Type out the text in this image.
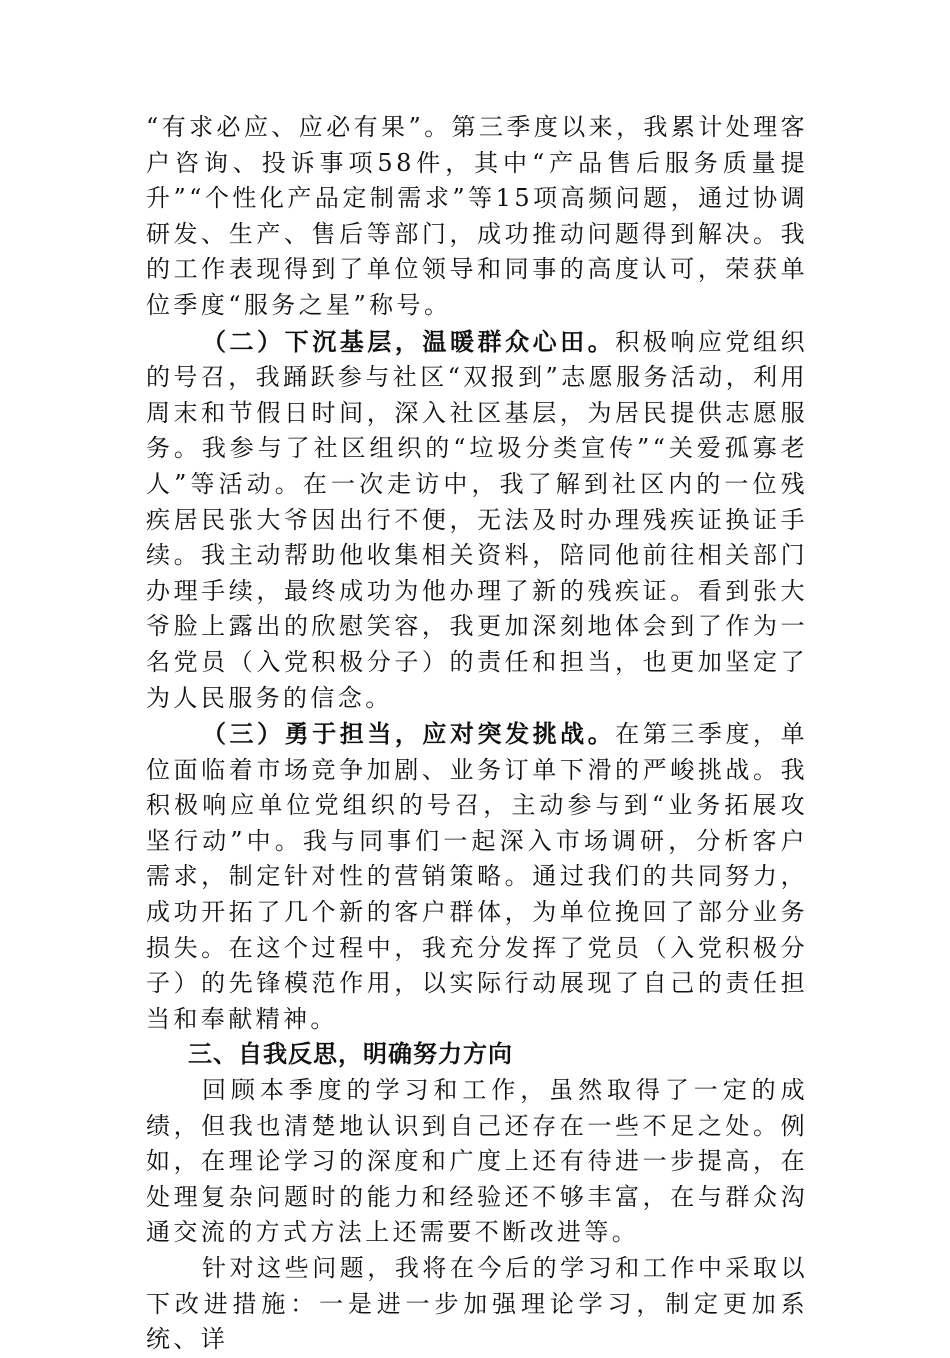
“有求必应、应必有果”。第三季度以来，我累计处理客户咨询、投诉事项58件，其中“产品售后服务质量提升”“个性化产品定制需求”等15项高频问题，通过协调研发、生产、售后等部门，成功推动问题得到解决。我的工作表现得到了单位领导和同事的高度认可，荣获单位季度“服务之星”称号。

（二）下沉基层，温暖群众心田。积极响应党组织的号召，我踊跃参与社区“双报到”志愿服务活动，利用周末和节假日时间，深入社区基层，为居民提供志愿服务。我参与了社区组织的“垃圾分类宣传”“关爱孤寡老人”等活动。在一次走访中，我了解到社区内的一位残疾居民张大爷因出行不便，无法及时办理残疾证换证手续。我主动帮助他收集相关资料，陪同他前往相关部门办理手续，最终成功为他办理了新的残疾证。看到张大爷脸上露出的欣慰笑容，我更加深刻地体会到了作为一名党员（入党积极分子）的责任和担当，也更加坚定了为人民服务的信念。

（三）勇于担当，应对突发挑战。在第三季度，单位面临着市场竞争加剧、业务订单下滑的严峻挑战。我积极响应单位党组织的号召，主动参与到“业务拓展攻坚行动”中。我与同事们一起深入市场调研，分析客户需求，制定针对性的营销策略。通过我们的共同努力，成功开拓了几个新的客户群体，为单位挽回了部分业务损失。在这个过程中，我充分发挥了党员（入党积极分子）的先锋模范作用，以实际行动展现了自己的责任担当和奉献精神。

三、自我反思，明确努力方向

回顾本季度的学习和工作，虽然取得了一定的成绩，但我也清楚地认识到自己还存在一些不足之处。例如，在理论学习的深度和广度上还有待进一步提高，在处理复杂问题时的能力和经验还不够丰富，在与群众沟通交流的方式方法上还需要不断改进等。

针对这些问题，我将在今后的学习和工作中采取以下改进措施：一是进一步加强理论学习，制定更加系统、详
